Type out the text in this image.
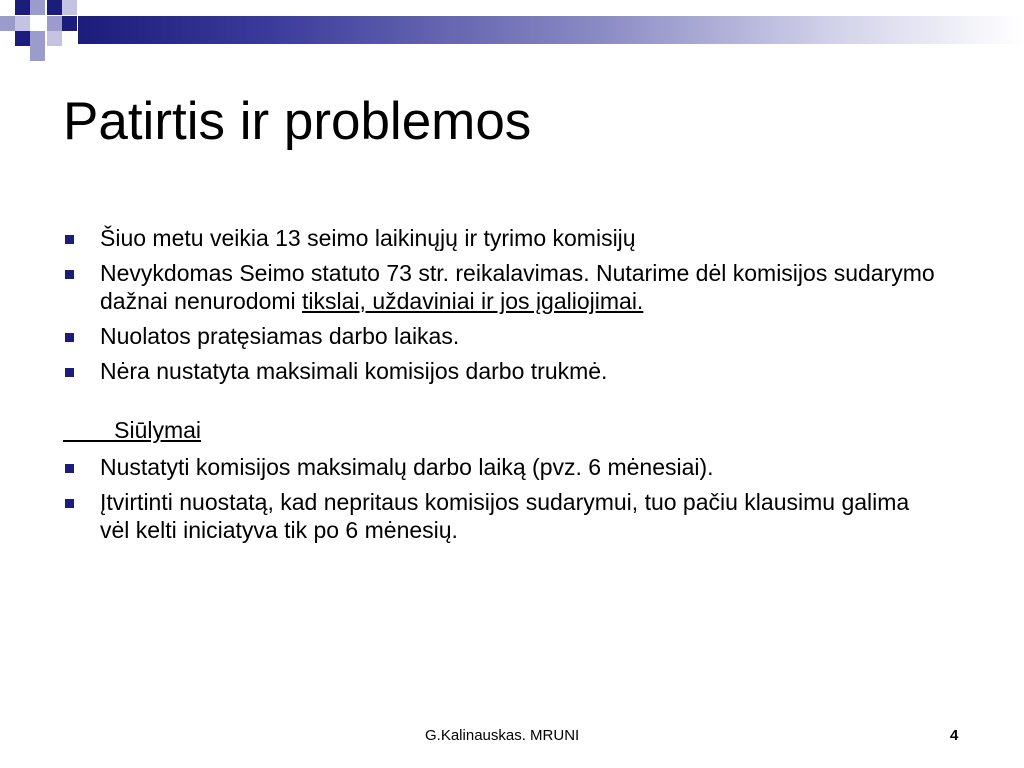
Patirtis ir problemos
Šiuo metu veikia 13 seimo laikinųjų ir tyrimo komisijų
Nevykdomas Seimo statuto 73 str. reikalavimas. Nutarime dėl komisijos sudarymo dažnai nenurodomi tikslai, uždaviniai ir jos įgaliojimai.
Nuolatos pratęsiamas darbo laikas.
Nėra nustatyta maksimali komisijos darbo trukmė.
Siūlymai
Nustatyti komisijos maksimalų darbo laiką (pvz. 6 mėnesiai).
Įtvirtinti nuostatą, kad nepritaus komisijos sudarymui, tuo pačiu klausimu galima vėl kelti iniciatyva tik po 6 mėnesių.
G.Kalinauskas. MRUNI	4
